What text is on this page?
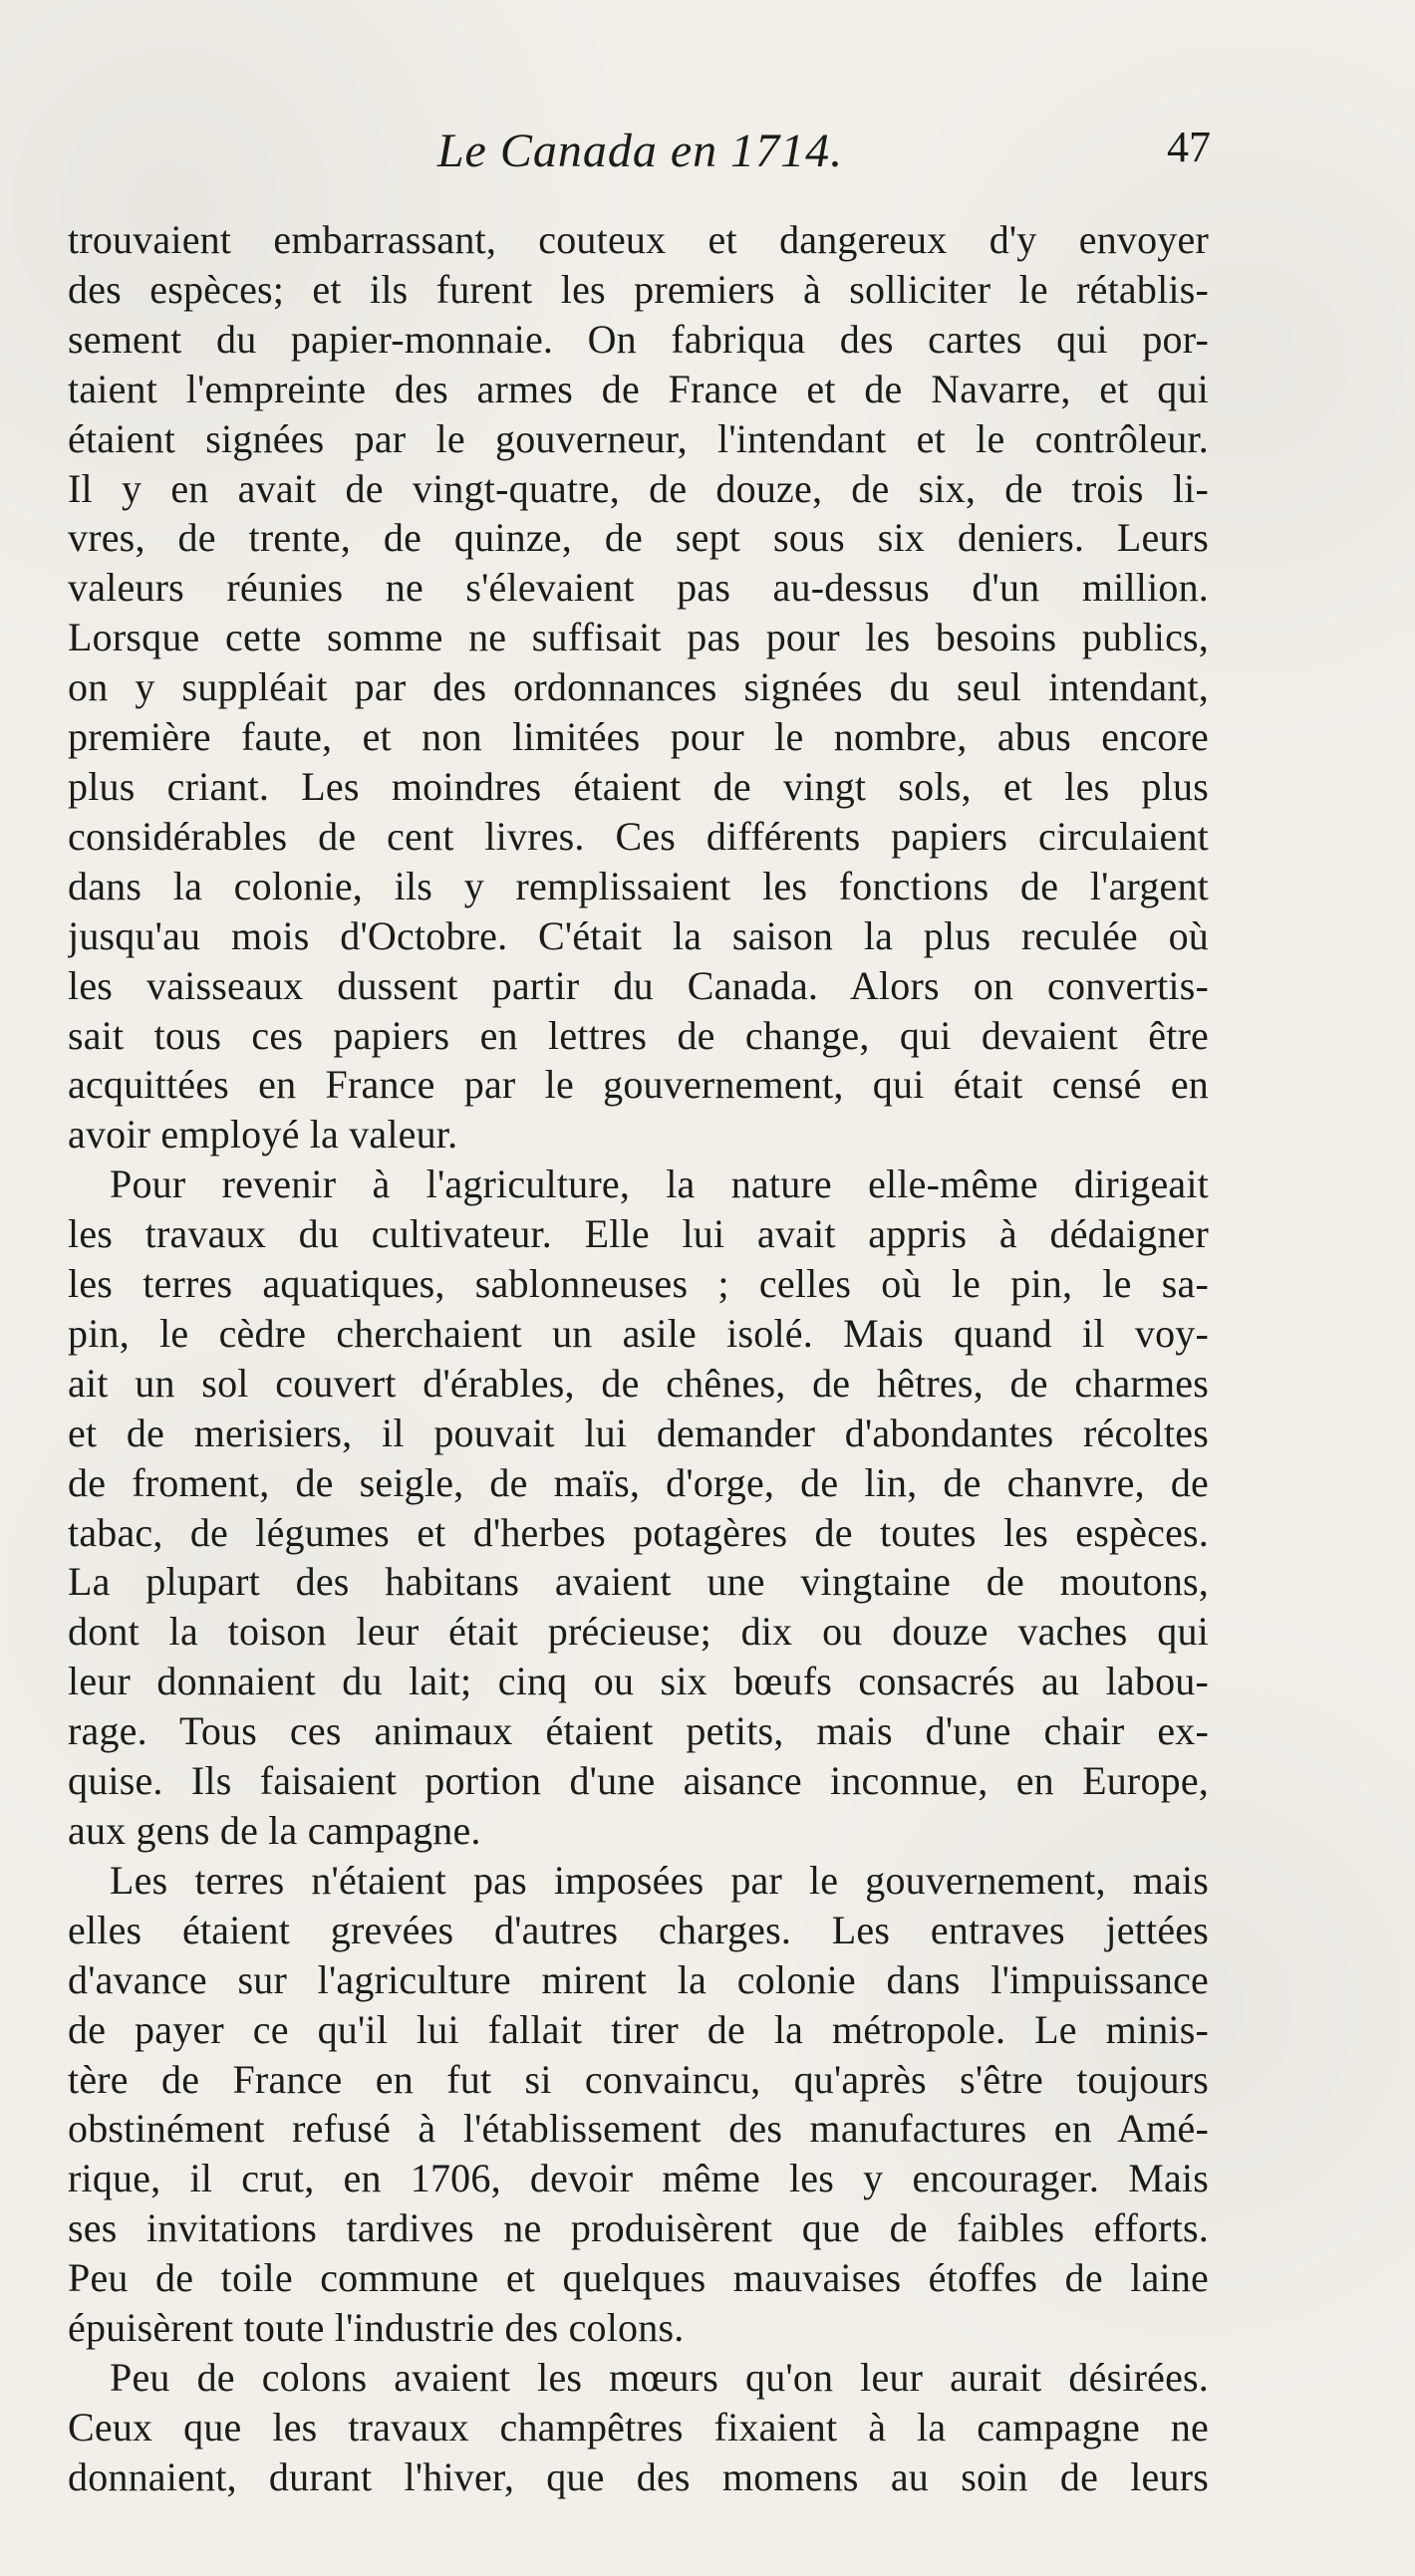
Le Canada en 1714.	47
trouvaient embarrassant, couteux et dangereux d'y envoyer
des espèces; et ils furent les premiers à solliciter le rétablis-
sement du papier-monnaie. On fabriqua des cartes qui por-
taient l'empreinte des armes de France et de Navarre, et qui
étaient signées par le gouverneur, l'intendant et le contrôleur.
Il y en avait de vingt-quatre, de douze, de six, de trois li-
vres, de trente, de quinze, de sept sous six deniers. Leurs
valeurs réunies ne s'élevaient pas au-dessus d'un million.
Lorsque cette somme ne suffisait pas pour les besoins publics,
on y suppléait par des ordonnances signées du seul intendant,
première faute, et non limitées pour le nombre, abus encore
plus criant. Les moindres étaient de vingt sols, et les plus
considérables de cent livres. Ces différents papiers circulaient
dans la colonie, ils y remplissaient les fonctions de l'argent
jusqu'au mois d'Octobre. C'était la saison la plus reculée où
les vaisseaux dussent partir du Canada. Alors on convertis-
sait tous ces papiers en lettres de change, qui devaient être
acquittées en France par le gouvernement, qui était censé en
avoir employé la valeur.
Pour revenir à l'agriculture, la nature elle-même dirigeait
les travaux du cultivateur. Elle lui avait appris à dédaigner
les terres aquatiques, sablonneuses ; celles où le pin, le sa-
pin, le cèdre cherchaient un asile isolé. Mais quand il voy-
ait un sol couvert d'érables, de chênes, de hêtres, de charmes
et de merisiers, il pouvait lui demander d'abondantes récoltes
de froment, de seigle, de maïs, d'orge, de lin, de chanvre, de
tabac, de légumes et d'herbes potagères de toutes les espèces.
La plupart des habitans avaient une vingtaine de moutons,
dont la toison leur était précieuse; dix ou douze vaches qui
leur donnaient du lait; cinq ou six bœufs consacrés au labou-
rage. Tous ces animaux étaient petits, mais d'une chair ex-
quise. Ils faisaient portion d'une aisance inconnue, en Europe,
aux gens de la campagne.
Les terres n'étaient pas imposées par le gouvernement, mais
elles étaient grevées d'autres charges. Les entraves jettées
d'avance sur l'agriculture mirent la colonie dans l'impuissance
de payer ce qu'il lui fallait tirer de la métropole. Le minis-
tère de France en fut si convaincu, qu'après s'être toujours
obstinément refusé à l'établissement des manufactures en Amé-
rique, il crut, en 1706, devoir même les y encourager. Mais
ses invitations tardives ne produisèrent que de faibles efforts.
Peu de toile commune et quelques mauvaises étoffes de laine
épuisèrent toute l'industrie des colons.
Peu de colons avaient les mœurs qu'on leur aurait désirées.
Ceux que les travaux champêtres fixaient à la campagne ne
donnaient, durant l'hiver, que des momens au soin de leurs
